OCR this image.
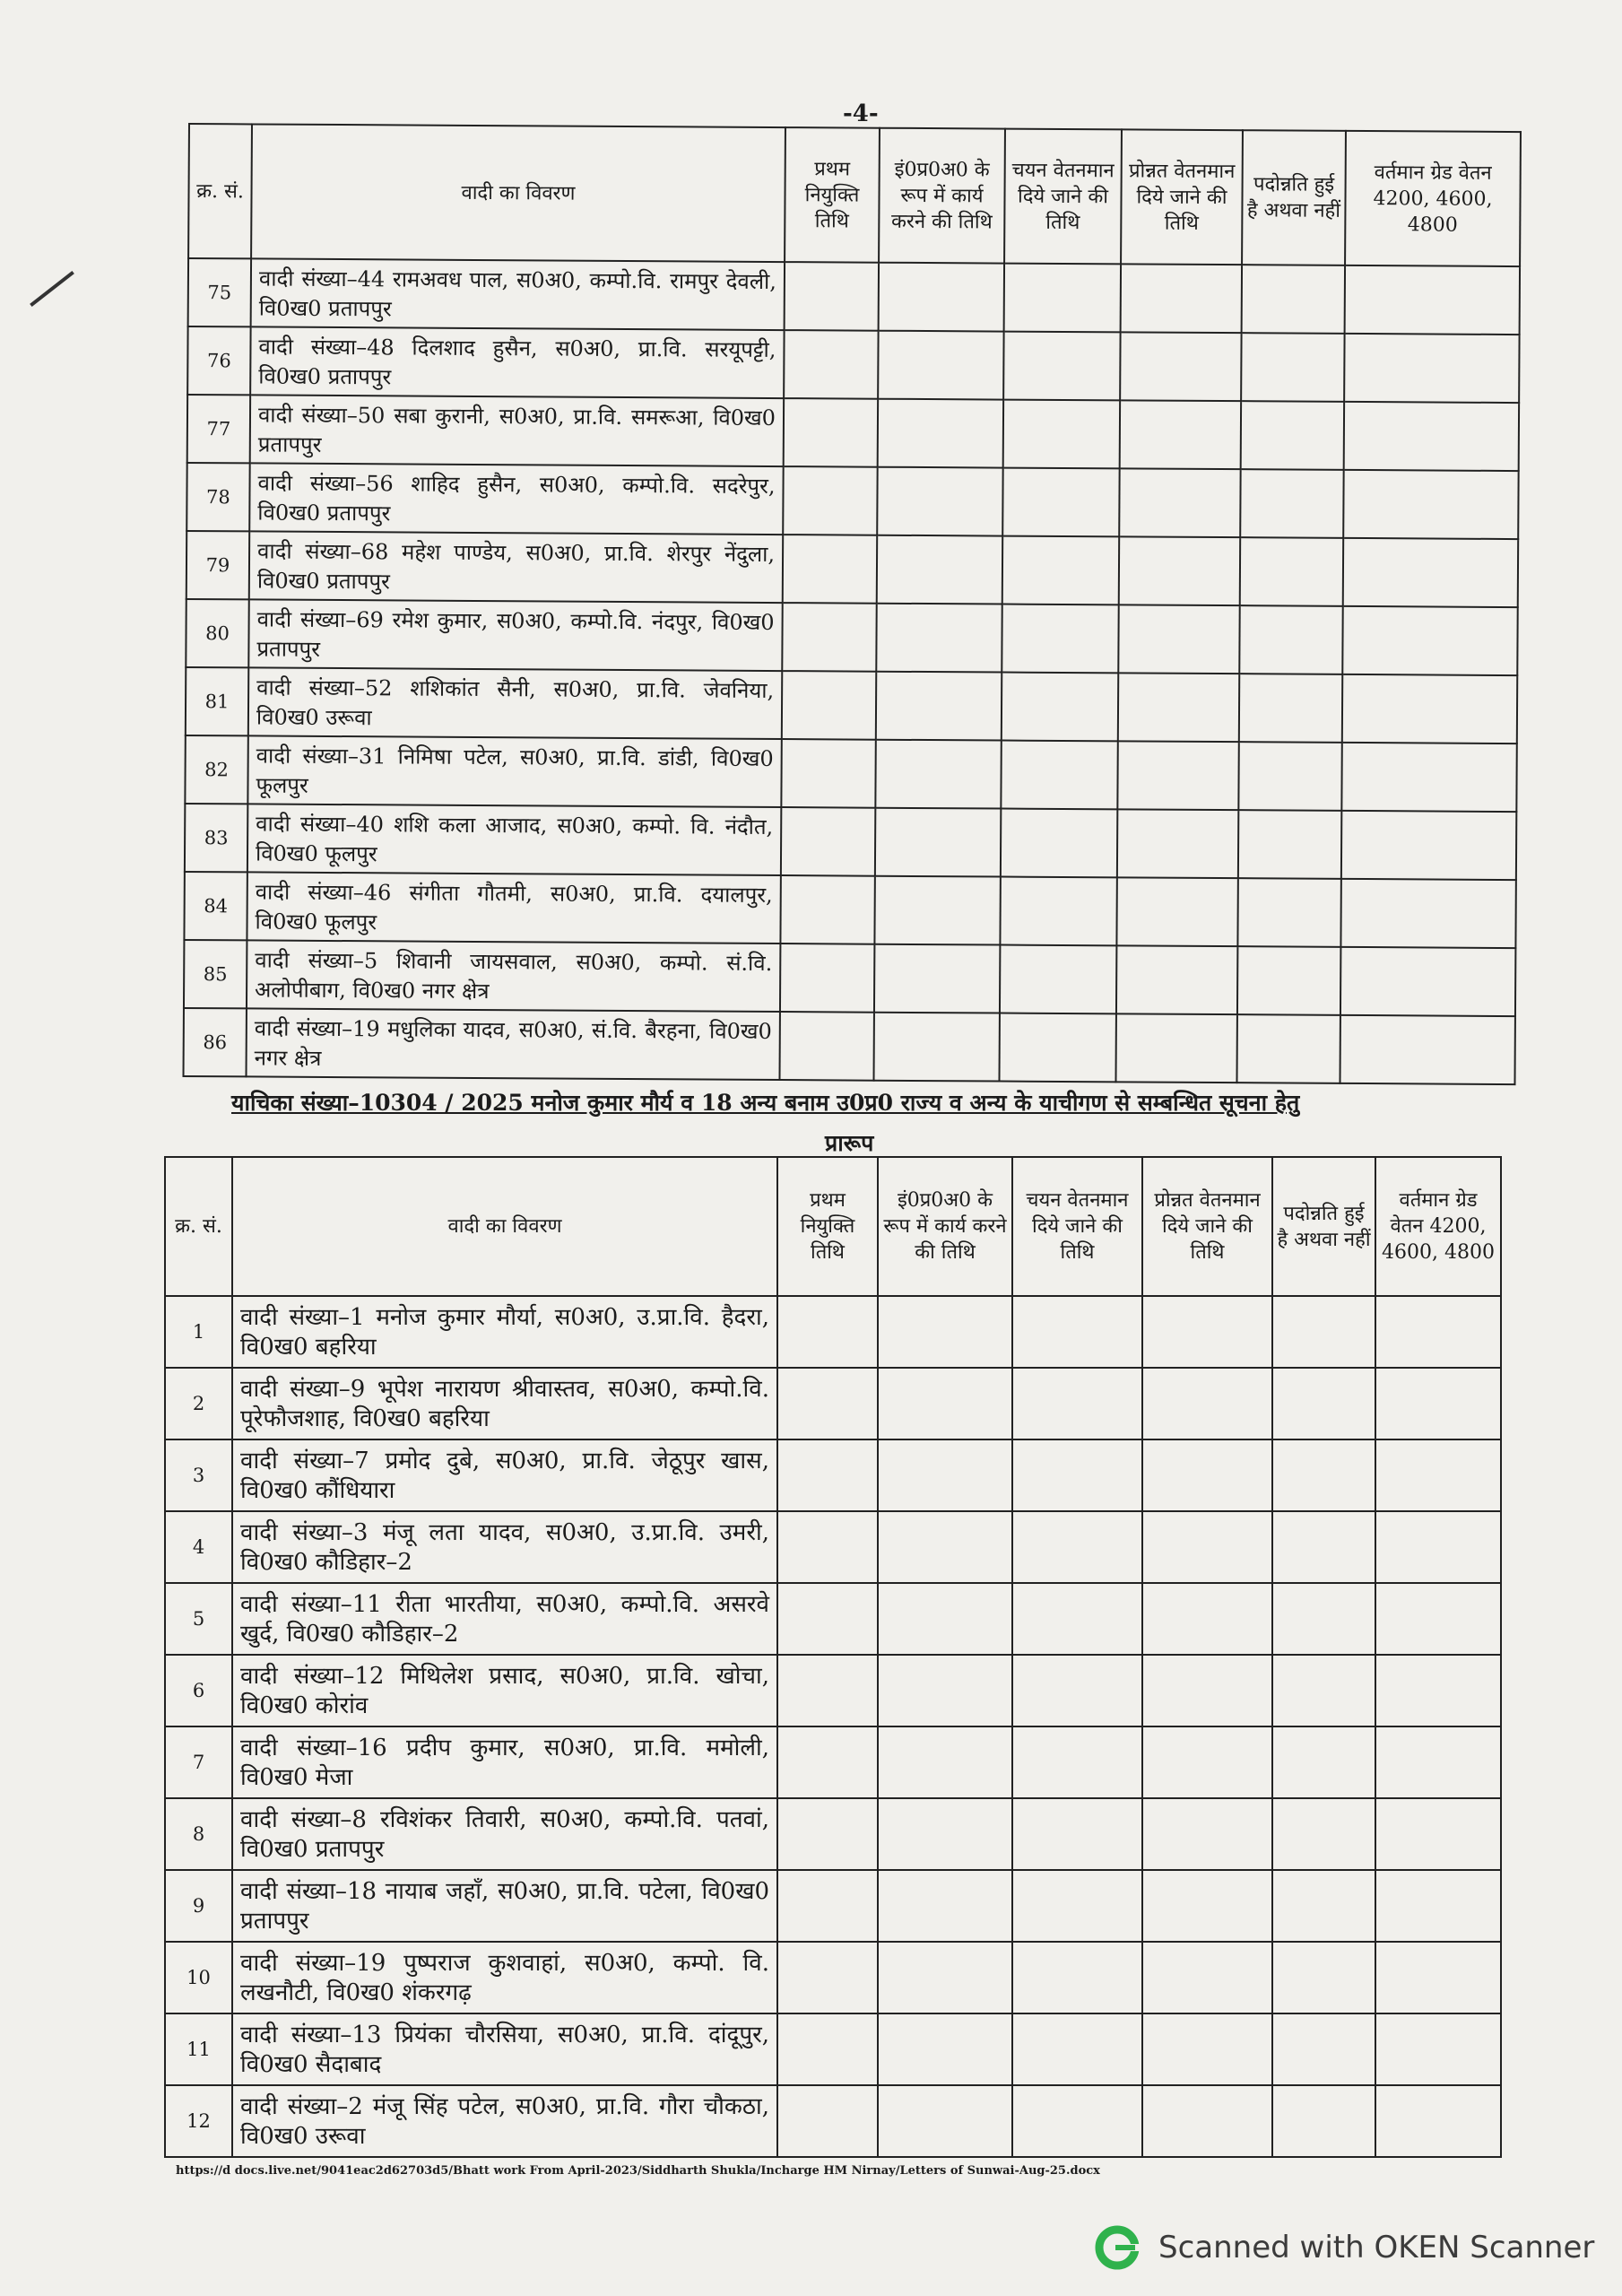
-4-
क्र. सं.	वादी का विवरण	प्रथम नियुक्ति तिथि	इं0प्र0अ0 के रूप में कार्य करने की तिथि	चयन वेतनमान दिये जाने की तिथि	प्रोन्नत वेतनमान दिये जाने की तिथि	पदोन्नति हुई है अथवा नहीं	वर्तमान ग्रेड वेतन 4200, 4600, 4800
75	वादी संख्या–44 रामअवध पाल, स0अ0, कम्पो.वि. रामपुर देवली, वि0ख0 प्रतापपुर						
76	वादी संख्या–48 दिलशाद हुसैन, स0अ0, प्रा.वि. सरयूपट्टी, वि0ख0 प्रतापपुर						
77	वादी संख्या–50 सबा कुरानी, स0अ0, प्रा.वि. समरूआ, वि0ख0 प्रतापपुर						
78	वादी संख्या–56 शाहिद हुसैन, स0अ0, कम्पो.वि. सदरेपुर, वि0ख0 प्रतापपुर						
79	वादी संख्या–68 महेश पाण्डेय, स0अ0, प्रा.वि. शेरपुर नेंदुला, वि0ख0 प्रतापपुर						
80	वादी संख्या–69 रमेश कुमार, स0अ0, कम्पो.वि. नंदपुर, वि0ख0 प्रतापपुर						
81	वादी संख्या–52 शशिकांत सैनी, स0अ0, प्रा.वि. जेवनिया, वि0ख0 उरूवा						
82	वादी संख्या–31 निमिषा पटेल, स0अ0, प्रा.वि. डांडी, वि0ख0 फूलपुर						
83	वादी संख्या–40 शशि कला आजाद, स0अ0, कम्पो. वि. नंदौत, वि0ख0 फूलपुर						
84	वादी संख्या–46 संगीता गौतमी, स0अ0, प्रा.वि. दयालपुर, वि0ख0 फूलपुर						
85	वादी संख्या–5 शिवानी जायसवाल, स0अ0, कम्पो. सं.वि. अलोपीबाग, वि0ख0 नगर क्षेत्र						
86	वादी संख्या–19 मधुलिका यादव, स0अ0, सं.वि. बैरहना, वि0ख0 नगर क्षेत्र						
याचिका संख्या–10304 / 2025 मनोज कुमार मौर्य व 18 अन्य बनाम उ0प्र0 राज्य व अन्य के याचीगण से सम्बन्धित सूचना हेतु
प्रारूप
क्र. सं.	वादी का विवरण	प्रथम नियुक्ति तिथि	इं0प्र0अ0 के रूप में कार्य करने की तिथि	चयन वेतनमान दिये जाने की तिथि	प्रोन्नत वेतनमान दिये जाने की तिथि	पदोन्नति हुई है अथवा नहीं	वर्तमान ग्रेड वेतन 4200, 4600, 4800
1	वादी संख्या–1 मनोज कुमार मौर्या, स0अ0, उ.प्रा.वि. हैदरा, वि0ख0 बहरिया						
2	वादी संख्या–9 भूपेश नारायण श्रीवास्तव, स0अ0, कम्पो.वि. पूरेफौजशाह, वि0ख0 बहरिया						
3	वादी संख्या–7 प्रमोद दुबे, स0अ0, प्रा.वि. जेठूपुर खास, वि0ख0 कौंधियारा						
4	वादी संख्या–3 मंजू लता यादव, स0अ0, उ.प्रा.वि. उमरी, वि0ख0 कौडिहार–2						
5	वादी संख्या–11 रीता भारतीया, स0अ0, कम्पो.वि. असरवे खुर्द, वि0ख0 कौडिहार–2						
6	वादी संख्या–12 मिथिलेश प्रसाद, स0अ0, प्रा.वि. खोचा, वि0ख0 कोरांव						
7	वादी संख्या–16 प्रदीप कुमार, स0अ0, प्रा.वि. ममोली, वि0ख0 मेजा						
8	वादी संख्या–8 रविशंकर तिवारी, स0अ0, कम्पो.वि. पतवां, वि0ख0 प्रतापपुर						
9	वादी संख्या–18 नायाब जहाँ, स0अ0, प्रा.वि. पटेला, वि0ख0 प्रतापपुर						
10	वादी संख्या–19 पुष्पराज कुशवाहां, स0अ0, कम्पो. वि. लखनौटी, वि0ख0 शंकरगढ़						
11	वादी संख्या–13 प्रियंका चौरसिया, स0अ0, प्रा.वि. दांदूपुर, वि0ख0 सैदाबाद						
12	वादी संख्या–2 मंजू सिंह पटेल, स0अ0, प्रा.वि. गौरा चौकठा, वि0ख0 उरूवा						
https://d docs.live.net/9041eac2d62703d5/Bhatt work From April-2023/Siddharth Shukla/Incharge HM Nirnay/Letters of Sunwai-Aug-25.docx
Scanned with OKEN Scanner
